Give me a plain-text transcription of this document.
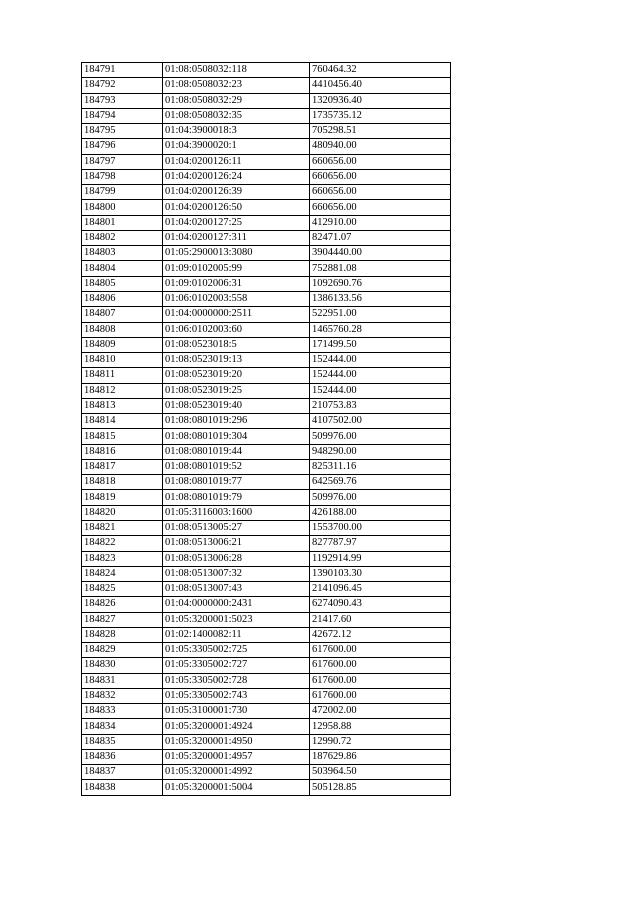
184791	01:08:0508032:118	760464.32
184792	01:08:0508032:23	4410456.40
184793	01:08:0508032:29	1320936.40
184794	01:08:0508032:35	1735735.12
184795	01:04:3900018:3	705298.51
184796	01:04:3900020:1	480940.00
184797	01:04:0200126:11	660656.00
184798	01:04:0200126:24	660656.00
184799	01:04:0200126:39	660656.00
184800	01:04:0200126:50	660656.00
184801	01:04:0200127:25	412910.00
184802	01:04:0200127:311	82471.07
184803	01:05:2900013:3080	3904440.00
184804	01:09:0102005:99	752881.08
184805	01:09:0102006:31	1092690.76
184806	01:06:0102003:558	1386133.56
184807	01:04:0000000:2511	522951.00
184808	01:06:0102003:60	1465760.28
184809	01:08:0523018:5	171499.50
184810	01:08:0523019:13	152444.00
184811	01:08:0523019:20	152444.00
184812	01:08:0523019:25	152444.00
184813	01:08:0523019:40	210753.83
184814	01:08:0801019:296	4107502.00
184815	01:08:0801019:304	509976.00
184816	01:08:0801019:44	948290.00
184817	01:08:0801019:52	825311.16
184818	01:08:0801019:77	642569.76
184819	01:08:0801019:79	509976.00
184820	01:05:3116003:1600	426188.00
184821	01:08:0513005:27	1553700.00
184822	01:08:0513006:21	827787.97
184823	01:08:0513006:28	1192914.99
184824	01:08:0513007:32	1390103.30
184825	01:08:0513007:43	2141096.45
184826	01:04:0000000:2431	6274090.43
184827	01:05:3200001:5023	21417.60
184828	01:02:1400082:11	42672.12
184829	01:05:3305002:725	617600.00
184830	01:05:3305002:727	617600.00
184831	01:05:3305002:728	617600.00
184832	01:05:3305002:743	617600.00
184833	01:05:3100001:730	472002.00
184834	01:05:3200001:4924	12958.88
184835	01:05:3200001:4950	12990.72
184836	01:05:3200001:4957	187629.86
184837	01:05:3200001:4992	503964.50
184838	01:05:3200001:5004	505128.85
